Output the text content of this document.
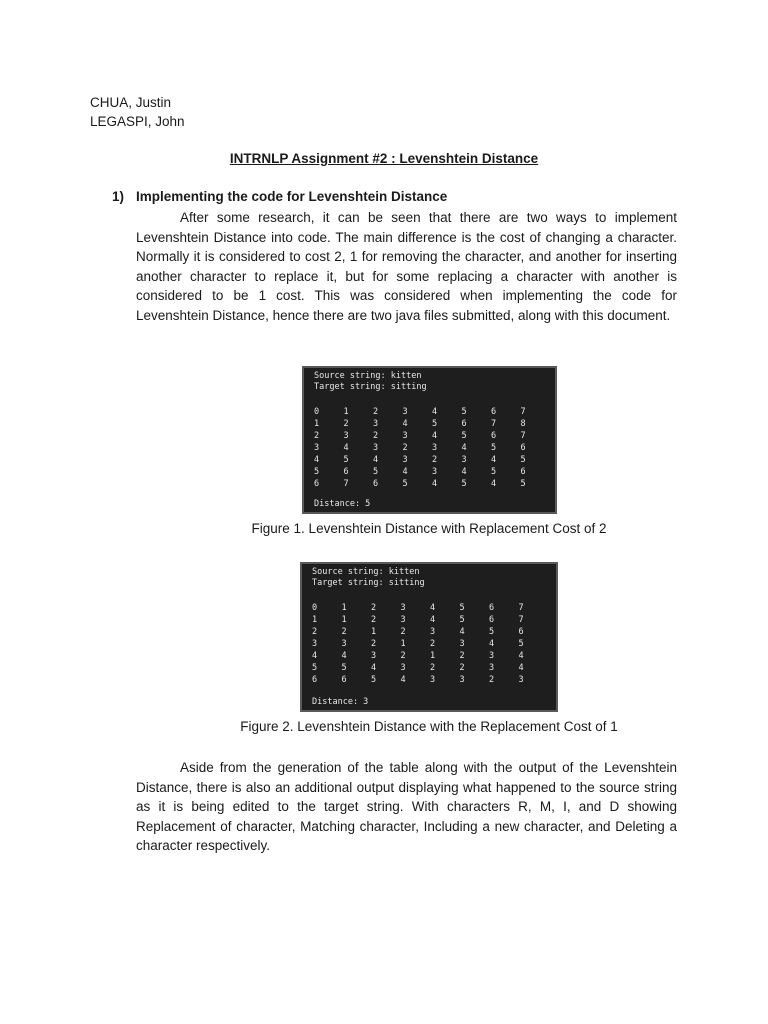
CHUA, Justin
LEGASPI, John
INTRNLP Assignment #2 : Levenshtein Distance
1) Implementing the code for Levenshtein Distance
After some research, it can be seen that there are two ways to implement Levenshtein Distance into code. The main difference is the cost of changing a character. Normally it is considered to cost 2, 1 for removing the character, and another for inserting another character to replace it, but for some replacing a character with another is considered to be 1 cost. This was considered when implementing the code for Levenshtein Distance, hence there are two java files submitted, along with this document.
Source string: kitten
Target string: sitting
0	1	2	3	4	5	6	7
1	2	3	4	5	6	7	8
2	3	2	3	4	5	6	7
3	4	3	2	3	4	5	6
4	5	4	3	2	3	4	5
5	6	5	4	3	4	5	6
6	7	6	5	4	5	4	5
Distance: 5
Figure 1. Levenshtein Distance with Replacement Cost of 2
Source string: kitten
Target string: sitting
0	1	2	3	4	5	6	7
1	1	2	3	4	5	6	7
2	2	1	2	3	4	5	6
3	3	2	1	2	3	4	5
4	4	3	2	1	2	3	4
5	5	4	3	2	2	3	4
6	6	5	4	3	3	2	3
Distance: 3
Figure 2. Levenshtein Distance with the Replacement Cost of 1
Aside from the generation of the table along with the output of the Levenshtein Distance, there is also an additional output displaying what happened to the source string as it is being edited to the target string. With characters R, M, I, and D showing Replacement of character, Matching character, Including a new character, and Deleting a character respectively.
